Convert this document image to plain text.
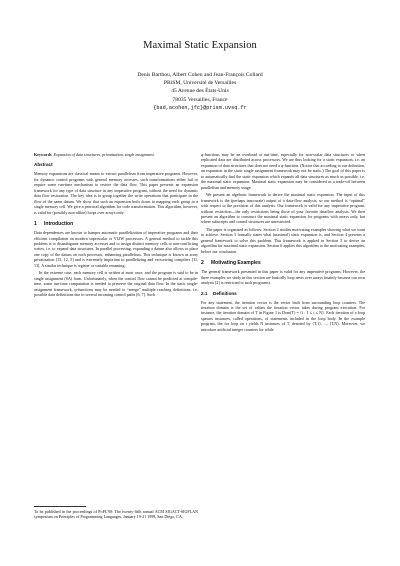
Maximal Static Expansion
Denis Barthou, Albert Cohen and Jean-François Collard
PRiSM, Université de Versailles
45 Avenue des États-Unis
78035 Versailles, France
{bad,acohen,jfc}@prism.uvsq.fr

Keywords Expansion of data structures, privatization, single assignment.

Abstract

Memory expansions are classical means to extract parallelism from imperative programs. However, for dynamic control programs with general memory accesses, such transformations either fail or require some run-time mechanism to restore the data flow. This paper presents an expansion framework for any type of data structure in any imperative program, without the need for dynamic data flow restoration. The key idea is to group together the write operations that participate in the flow of the same datum. We show that such an expansion boils down to mapping each group to a single memory cell. We give a practical algorithm for code transformation. This algorithm, however, is valid for (possibly non-affine) loops over arrays only.

1 Introduction

Data dependences are known to hamper automatic parallelization of imperative programs and their efficient compilation on modern superscalar or VLIW processors. A general method to tackle this problem is to disambiguate memory accesses and to assign distinct memory cells to non-conflicting writes, i.e. to expand data structures. In parallel processing, expanding a datum also allows to place one copy of the datum on each processor, enhancing parallelism. This technique is known as array privatization [15, 12, 5] and is extremely important to parallelizing and vectorizing compilers [11, 13]. A similar technique is register or variable renaming.

In the extreme case, each memory cell is written at most once, and the program is said to be in single assignment (SA) form. Unfortunately, when the control flow cannot be predicted at compile-time, some run-time computation is needed to preserve the original data flow. In the static single-assignment framework, φ-functions may be needed to “merge” multiple reaching definitions, i.e. possible data definitions due to several incoming control paths [6, 7]. Such

To be published in the proceedings of PoPL'98: The twenty-fifth annual ACM SIGACT-SIGPLAN symposium on Principles of Programming Languages, January 19-21 1998, San Diego, CA.

φ-functions may be an overhead at run-time, especially for non-scalar data structures or when replicated data are distributed across processors. We are thus looking for a static expansion, i.e. an expansion of data structures that does not need a φ-function. (Notice that according to our definition, an expansion in the static single assignment framework may not be static.) The goal of this paper is to automatically find the static expansion which expands all data structures as much as possible, i.e. the maximal static expansion. Maximal static expansion may be considered as a trade-off between parallelism and memory usage.

We present an algebraic framework to derive the maximal static expansion. The input of this framework is the (perhaps inaccurate) output of a data-flow analysis, so our method is “optimal” with respect to the precision of this analysis. Our framework is valid for any imperative program, without restriction—the only restrictions being those of your favorite dataflow analysis. We then present an algorithm to construct the maximal static expansion for programs with arrays only, but where subscripts and control structures are unrestricted.

The paper is organized as follows: Section 2 studies motivating examples showing what we want to achieve. Section 3 formally states what (maximal) static expansion is, and Section 4 presents a general framework to solve this problem. This framework is applied in Section 5 to derive an algorithm for maximal static expansion. Section 6 applies this algorithm to the motivating examples, before our conclusion.

2 Motivating Examples

The general framework presented in this paper is valid for any imperative programs. However, the three examples we study in this section are basically loop nests over arrays (mainly because our own analysis [2] is restricted to such programs).

2.1 Definitions

For any statement, the iteration vector is the vector built from surrounding loop counters. The iteration domain is the set of values the iteration vector takes during program execution. For instance, the iteration domain of T in Figure 1 is Dom(T) = {i : 1 ≤ i ≤ N}. Each iteration of a loop spawns instances, called operations, of statements included in the loop body. In the example program, the for loop on i yields N instances of T, denoted by ⟨T,1⟩, ..., ⟨T,N⟩. Moreover, we introduce artificial integer counters for while
